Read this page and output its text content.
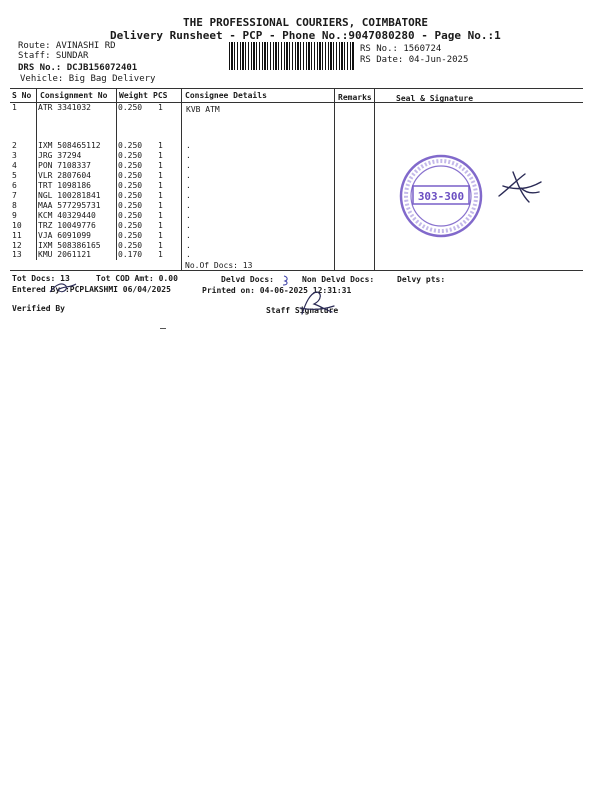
THE PROFESSIONAL COURIERS, COIMBATORE
Delivery Runsheet - PCP - Phone No.:9047080280 - Page No.:1
Route: AVINASHI RD
Staff: SUNDAR
DRS No.: DCJB156072401
Vehicle: Big Bag Delivery
RS No.: 1560724
RS Date: 04-Jun-2025
S No Consignment No Weight PCS Consignee Details	Remarks	Seal & Signature
1	ATR 3341032	0.250 1	KVB ATM
2	IXM 508465112 0.250 1	.
3	JRG 37294	0.250 1	.
4	PON 7108337	0.250 1	.
5	VLR 2807604	0.250 1	.
6	TRT 1098186	0.250 1	.
7	NGL 100281841 0.250 1	.
8	MAA 577295731 0.250 1	.
9	KCM 40329440	0.250 1	.
10 TRZ 10049776	0.250 1	.
11 VJA 6091099	0.250 1	.
12 IXM 508386165 0.250 1	.
13 KMU 2061121	0.170 1	.
No.Of Docs: 13
303-300
Tot Docs: 13	Tot COD Amt: 0.00	Delvd Docs:	Non Delvd Docs:	Delvy pts:
Entered By :PCPLAKSHMI 06/04/2025	Printed on: 04-06-2025 12:31:31
Verified By	Staff Signature
